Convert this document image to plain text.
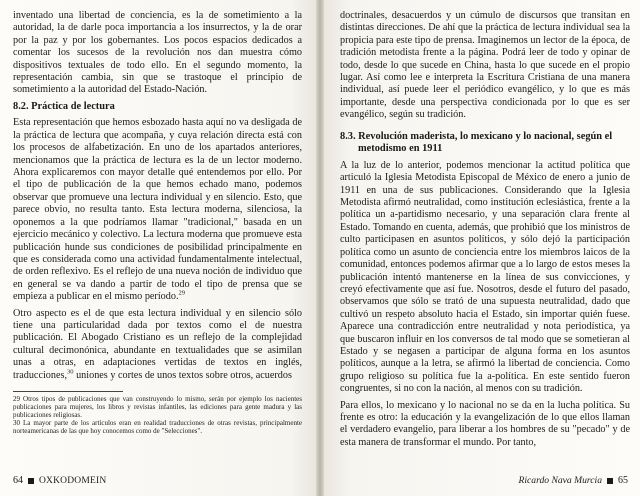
inventado una libertad de conciencia, es la de sometimiento a la autoridad, la de darle poca importancia a los insurrectos, y la de orar por la paz y por los gobernantes. Los pocos espacios dedicados a comentar los sucesos de la revolución nos dan muestra cómo dispositivos textuales de todo ello. En el segundo momento, la representación cambia, sin que se trastoque el principio de sometimiento a la autoridad del Estado-Nación.

8.2. Práctica de lectura

Esta representación que hemos esbozado hasta aquí no va desligada de la práctica de lectura que acompaña, y cuya relación directa está con los procesos de alfabetización. En uno de los apartados anteriores, mencionamos que la práctica de lectura es la de un lector moderno. Ahora explicaremos con mayor detalle qué entendemos por ello. Por el tipo de publicación de la que hemos echado mano, podemos observar que promueve una lectura individual y en silencio. Esto, que parece obvio, no resulta tanto. Esta lectura moderna, silenciosa, la oponemos a la que podríamos llamar "tradicional," basada en un ejercicio mecánico y colectivo. La lectura moderna que promueve esta publicación hunde sus condiciones de posibilidad principalmente en que es considerada como una actividad fundamentalmente intelectual, de orden reflexivo. Es el reflejo de una nueva noción de individuo que en general se va dando a partir de todo el tipo de prensa que se empieza a publicar en el mismo período.$^{29}$

Otro aspecto es el de que esta lectura individual y en silencio sólo tiene una particularidad dada por textos como el de nuestra publicación. El Abogado Cristiano es un reflejo de la complejidad cultural decimonónica, abundante en textualidades que se asimilan unas a otras, en adaptaciones vertidas de textos en inglés, traducciones,$^{30}$ uniones y cortes de unos textos sobre otros, acuerdos

29 Otros tipos de publicaciones que van construyendo lo mismo, serán por ejemplo los nacientes publicaciones para mujeres, los libros y revistas infantiles, las ediciones para gente madura y las publicaciones religiosas.

30 La mayor parte de los artículos eran en realidad traducciones de otras revistas, principalmente norteamericanas de las que hoy conocemos como de "Selecciones".

doctrinales, desacuerdos y un cúmulo de discursos que transitan en distintas direcciones. De ahí que la práctica de lectura individual sea la propicia para este tipo de prensa. Imaginemos un lector de la época, de tradición metodista frente a la página. Podrá leer de todo y opinar de todo, desde lo que sucede en China, hasta lo que sucede en el propio lugar. Así como lee e interpreta la Escritura Cristiana de una manera individual, así puede leer el periódico evangélico, y lo que es más importante, desde una perspectiva condicionada por lo que es ser evangélico, según su tradición.

8.3. Revolución maderista, lo mexicano y lo nacional, según el metodismo en 1911

A la luz de lo anterior, podemos mencionar la actitud política que articuló la Iglesia Metodista Episcopal de México de enero a junio de 1911 en una de sus publicaciones. Considerando que la Iglesia Metodista afirmó neutralidad, como institución eclesiástica, frente a la política un a-partidismo necesario, y una separación clara frente al Estado. Tomando en cuenta, además, que prohibió que los ministros de culto participasen en asuntos políticos, y sólo dejó la participación política como un asunto de conciencia entre los miembros laicos de la comunidad, entonces podemos afirmar que a lo largo de estos meses la publicación intentó mantenerse en la línea de sus convicciones, y creyó efectivamente que así fue. Nosotros, desde el futuro del pasado, observamos que sólo se trató de una supuesta neutralidad, dado que cultivó un respeto absoluto hacia el Estado, sin importar quién fuese. Aparece una contradicción entre neutralidad y nota periodística, ya que buscaron influir en los conversos de tal modo que se sometieran al Estado y se negasen a participar de alguna forma en los asuntos políticos, aunque a la letra, se afirmó la libertad de conciencia. Como grupo religioso su política fue la a-política. En este sentido fueron congruentes, si no con la nación, al menos con su tradición.

Para ellos, lo mexicano y lo nacional no se da en la lucha política. Su frente es otro: la educación y la evangelización de lo que ellos llaman el verdadero evangelio, para liberar a los hombres de su "pecado" y de esta manera de transformar el mundo. Por tanto,

64 OXKODOMEIN	Ricardo Nava Murcia 65
